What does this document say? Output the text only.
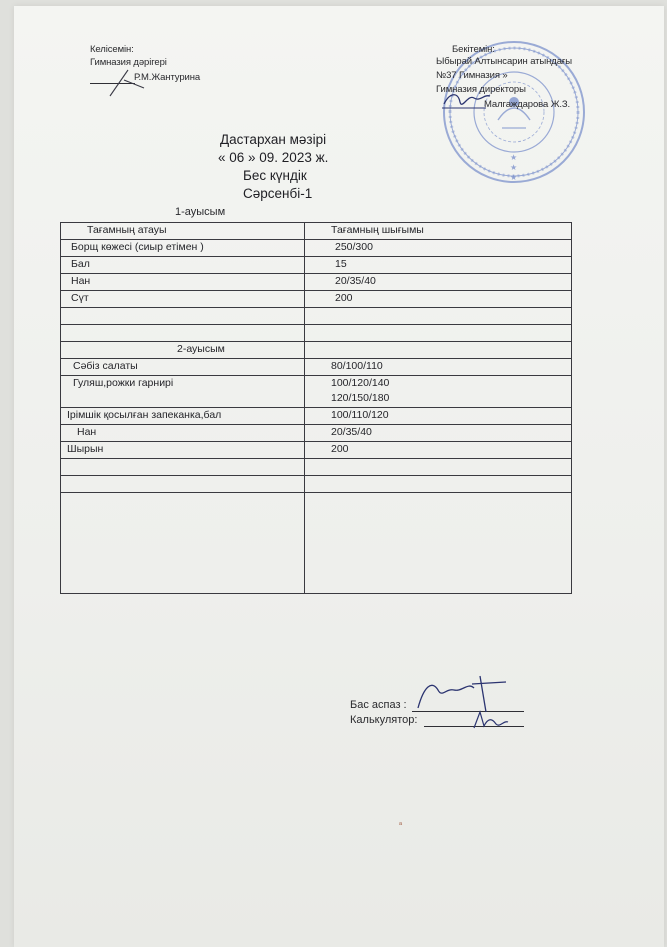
Келісемін:
Гимназия дәрігері
Р.М.Жантурина
★
★
★
Бекітемін:
Ыбырай Алтынсарин атындағы
№37 Гимназия »
Гимназия директоры
Малгаждарова Ж.З.
Дастархан мәзірі
« 06 » 09. 2023 ж.
Бес күндік
Сәрсенбі-1
1-ауысым
Тағамның атауы	Тағамның шығымы
Борщ көжесі (сиыр етімен )	250/300
Бал	15
Нан	20/35/40
Сүт	200

2-ауысым	
Сәбіз салаты	80/100/110
Гуляш,рожки гарнирі	100/120/140
120/150/180

Ірімшік қосылған запеканка,бал	100/110/120
Нан	20/35/40
Шырын	200

Бас аспаз :
Калькулятор:
ᵃ
